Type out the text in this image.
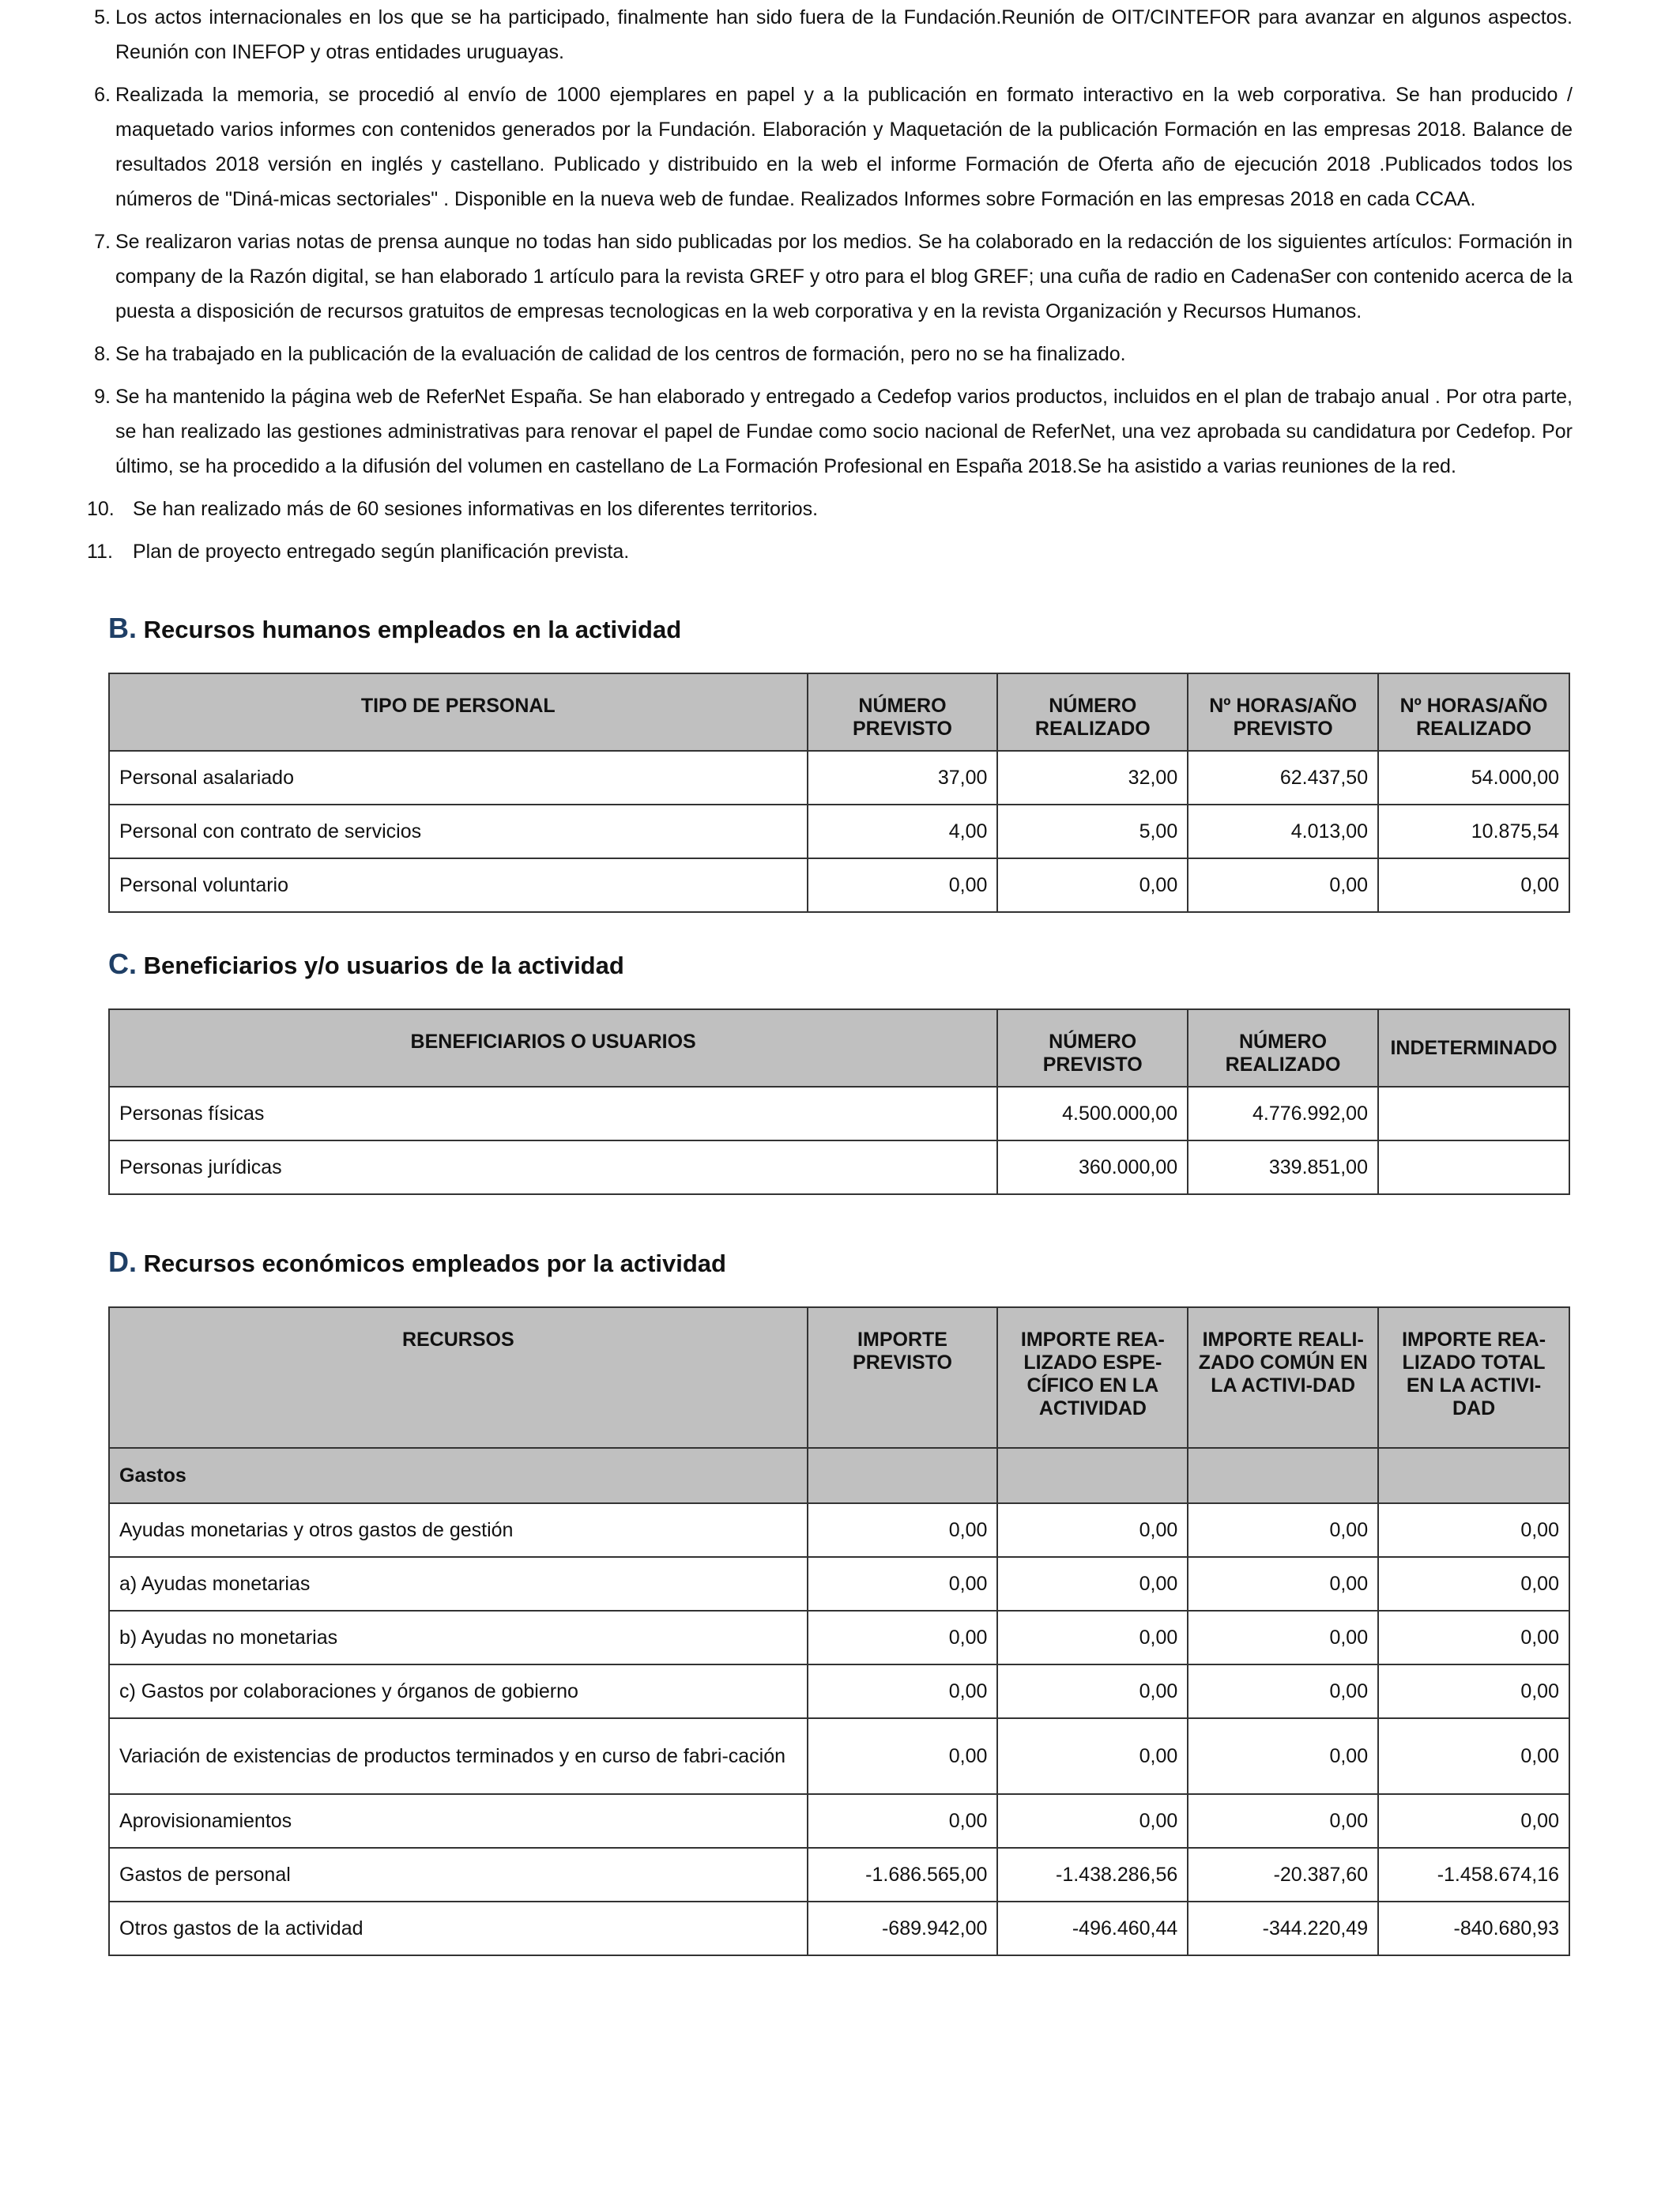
5. Los actos internacionales en los que se ha participado, finalmente han sido fuera de la Fundación.Reunión de OIT/CINTEFOR para avanzar en algunos aspectos. Reunión con INEFOP y otras entidades uruguayas.
6. Realizada la memoria, se procedió al envío de 1000 ejemplares en papel y a la publicación en formato interactivo en la web corporativa. Se han producido / maquetado varios informes con contenidos generados por la Fundación. Elaboración y Maquetación de la publicación Formación en las empresas 2018. Balance de resultados 2018 versión en inglés y castellano. Publicado y distribuido en la web el informe Formación de Oferta año de ejecución 2018 .Publicados todos los números de "Diná-micas sectoriales" . Disponible en la nueva web de fundae. Realizados Informes sobre Formación en las empresas 2018 en cada CCAA.
7. Se realizaron varias notas de prensa aunque no todas han sido publicadas por los medios. Se ha colaborado en la redacción de los siguientes artículos: Formación in company de la Razón digital, se han elaborado 1 artículo para la revista GREF y otro para el blog GREF; una cuña de radio en CadenaSer con contenido acerca de la puesta a disposición de recursos gratuitos de empresas tecnologicas en la web corporativa y en la revista Organización y Recursos Humanos.
8. Se ha trabajado en la publicación de la evaluación de calidad de los centros de formación, pero no se ha finalizado.
9. Se ha mantenido la página web de ReferNet España. Se han elaborado y entregado a Cedefop varios productos, incluidos en el plan de trabajo anual . Por otra parte, se han realizado las gestiones administrativas para renovar el papel de Fundae como socio nacional de ReferNet, una vez aprobada su candidatura por Cedefop. Por último, se ha procedido a la difusión del volumen en castellano de La Formación Profesional en España 2018.Se ha asistido a varias reuniones de la red.
10. Se han realizado más de 60 sesiones informativas en los diferentes territorios.
11.	Plan de proyecto entregado según planificación prevista.
B. Recursos humanos empleados en la actividad
TIPO DE PERSONAL	NÚMERO PREVISTO	NÚMERO REALIZADO	Nº HORAS/AÑO PREVISTO	Nº HORAS/AÑO REALIZADO
Personal asalariado	37,00	32,00	62.437,50	54.000,00
Personal con contrato de servicios	4,00	5,00	4.013,00	10.875,54
Personal voluntario	0,00	0,00	0,00	0,00
C. Beneficiarios y/o usuarios de la actividad
BENEFICIARIOS O USUARIOS	NÚMERO PREVISTO	NÚMERO REALIZADO	INDETERMINADO
Personas físicas	4.500.000,00	4.776.992,00	
Personas jurídicas	360.000,00	339.851,00	
D. Recursos económicos empleados por la actividad
RECURSOS	IMPORTE PREVISTO	IMPORTE REA-LIZADO ESPE-CÍFICO EN LA ACTIVIDAD	IMPORTE REALI-ZADO COMÚN EN LA ACTIVI-DAD	IMPORTE REA-LIZADO TOTAL EN LA ACTIVI-DAD
Gastos				
Ayudas monetarias y otros gastos de gestión	0,00	0,00	0,00	0,00
a) Ayudas monetarias	0,00	0,00	0,00	0,00
b) Ayudas no monetarias	0,00	0,00	0,00	0,00
c) Gastos por colaboraciones y órganos de gobierno	0,00	0,00	0,00	0,00
Variación de existencias de productos terminados y en curso de fabri-cación	0,00	0,00	0,00	0,00
Aprovisionamientos	0,00	0,00	0,00	0,00
Gastos de personal	-1.686.565,00	-1.438.286,56	-20.387,60	-1.458.674,16
Otros gastos de la actividad	-689.942,00	-496.460,44	-344.220,49	-840.680,93
